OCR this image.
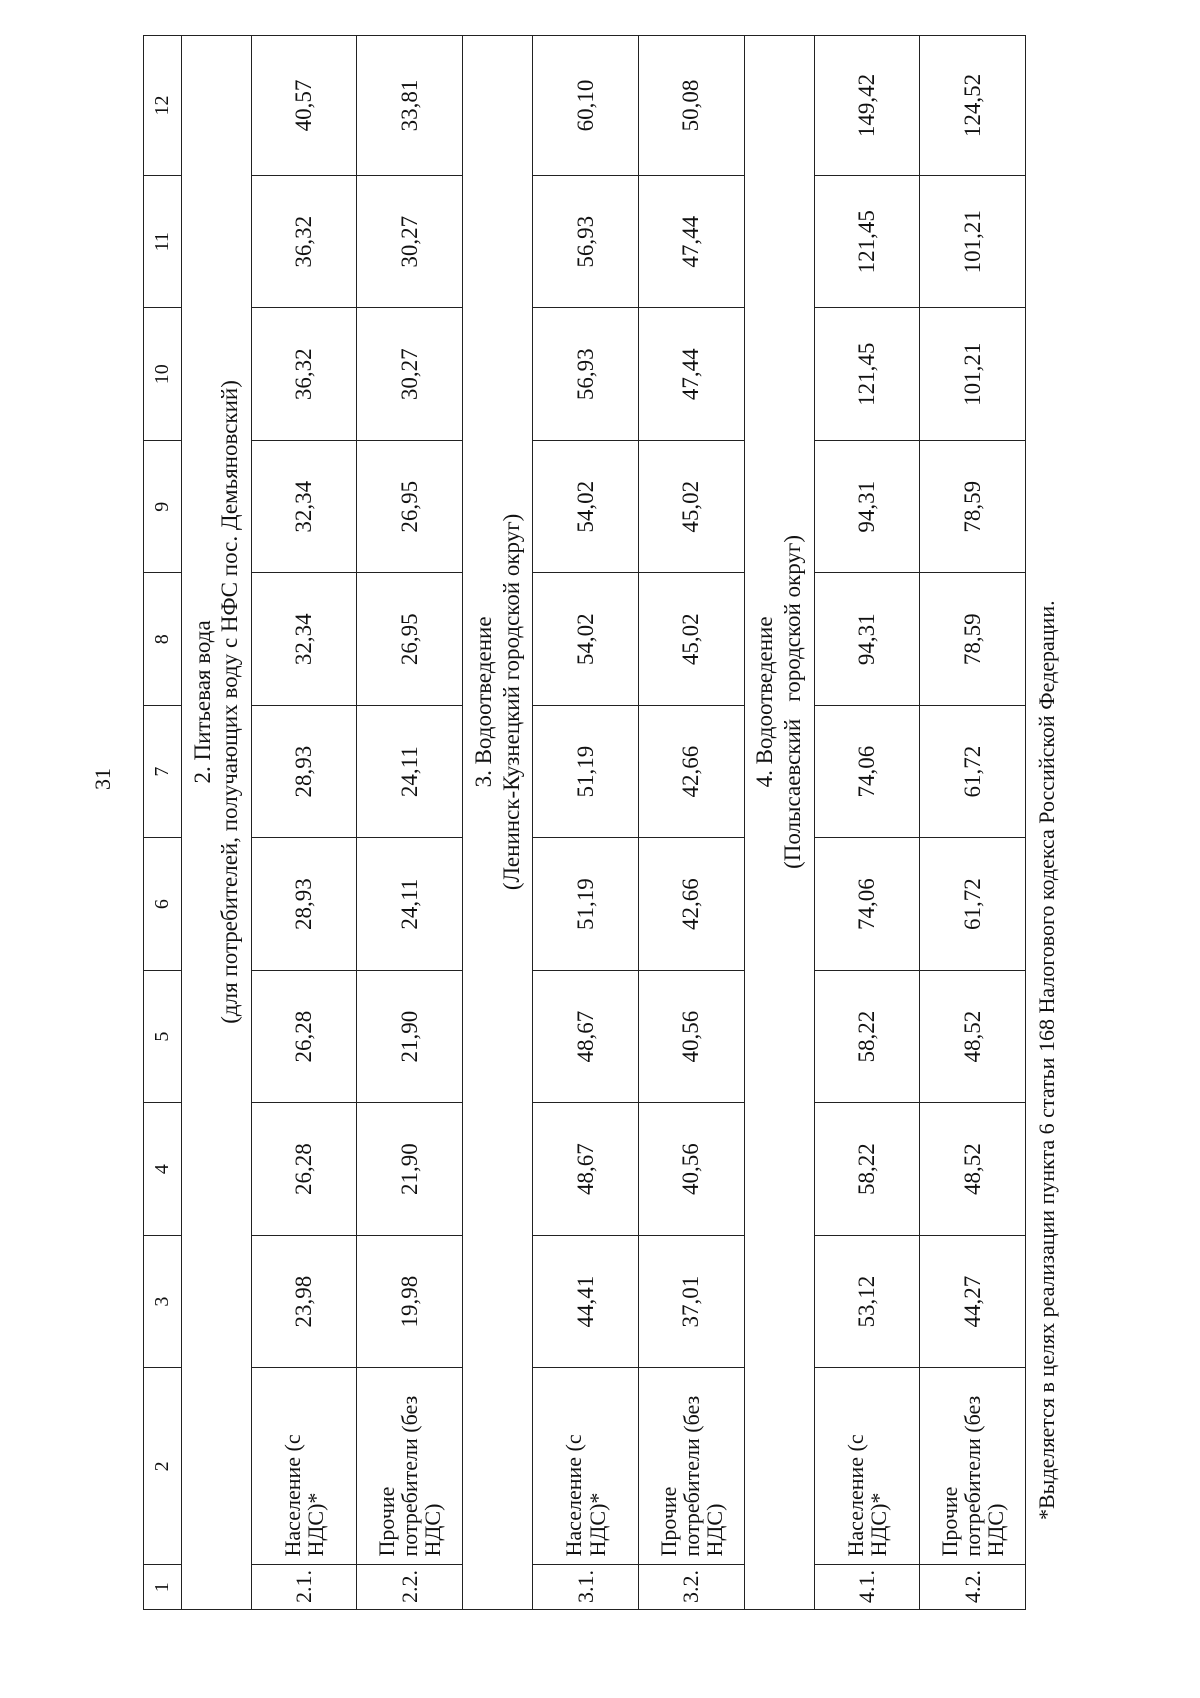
31
1	2	3	4	5	6	7	8	9	10	11	12

		2. Питьевая вода (для потребителей, получающих воду с НФС пос. Демьяновский)									

2.1.	Население (с НДС)*	23,98	26,28	26,28	28,93	28,93	32,34	32,34	36,32	36,32	40,57
2.2.	Прочие потребители (без НДС)	19,98	21,90	21,90	24,11	24,11	26,95	26,95	30,27	30,27	33,81

		3. Водоотведение (Ленинск-Кузнецкий городской округ)									

3.1.	Население (с НДС)*	44,41	48,67	48,67	51,19	51,19	54,02	54,02	56,93	56,93	60,10
3.2.	Прочие потребители (без НДС)	37,01	40,56	40,56	42,66	42,66	45,02	45,02	47,44	47,44	50,08

		4. Водоотведение (Полысаевский   городской округ)									

4.1.	Население (с НДС)*	53,12	58,22	58,22	74,06	74,06	94,31	94,31	121,45	121,45	149,42
4.2.	Прочие потребители (без НДС)	44,27	48,52	48,52	61,72	61,72	78,59	78,59	101,21	101,21	124,52
*Выделяется в целях реализации пункта 6 статьи 168 Налогового кодекса Российской Федерации.
